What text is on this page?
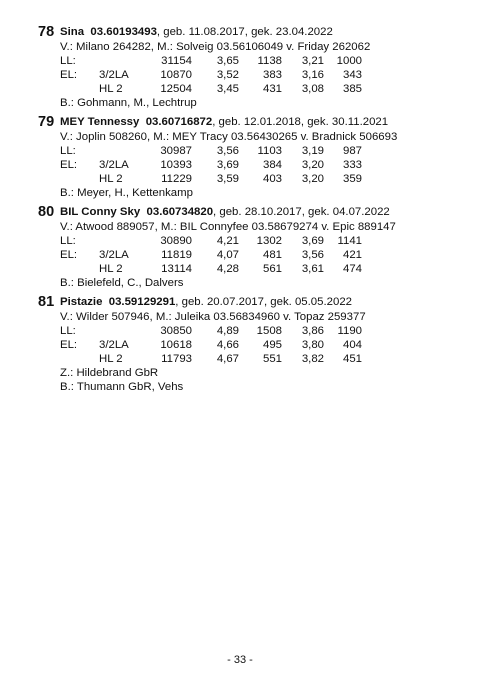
78 Sina 03.60193493, geb. 11.08.2017, gek. 23.04.2022
V.: Milano 264282, M.: Solveig 03.56106049 v. Friday 262062
LL:	31154	3,65	1138	3,21	1000
EL: 3/2LA	10870	3,52	383	3,16	343
HL 2	12504	3,45	431	3,08	385
B.: Gohmann, M., Lechtrup
79 MEY Tennessy 03.60716872, geb. 12.01.2018, gek. 30.11.2021
V.: Joplin 508260, M.: MEY Tracy 03.56430265 v. Bradnick 506693
LL:	30987	3,56	1103	3,19	987
EL: 3/2LA	10393	3,69	384	3,20	333
HL 2	11229	3,59	403	3,20	359
B.: Meyer, H., Kettenkamp
80 BIL Conny Sky 03.60734820, geb. 28.10.2017, gek. 04.07.2022
V.: Atwood 889057, M.: BIL Connyfee 03.58679274 v. Epic 889147
LL:	30890	4,21	1302	3,69	1141
EL: 3/2LA	11819	4,07	481	3,56	421
HL 2	13114	4,28	561	3,61	474
B.: Bielefeld, C., Dalvers
81 Pistazie 03.59129291, geb. 20.07.2017, gek. 05.05.2022
V.: Wilder 507946, M.: Juleika 03.56834960 v. Topaz 259377
LL:	30850	4,89	1508	3,86	1190
EL: 3/2LA	10618	4,66	495	3,80	404
HL 2	11793	4,67	551	3,82	451
Z.: Hildebrand GbR
B.: Thumann GbR, Vehs
- 33 -
